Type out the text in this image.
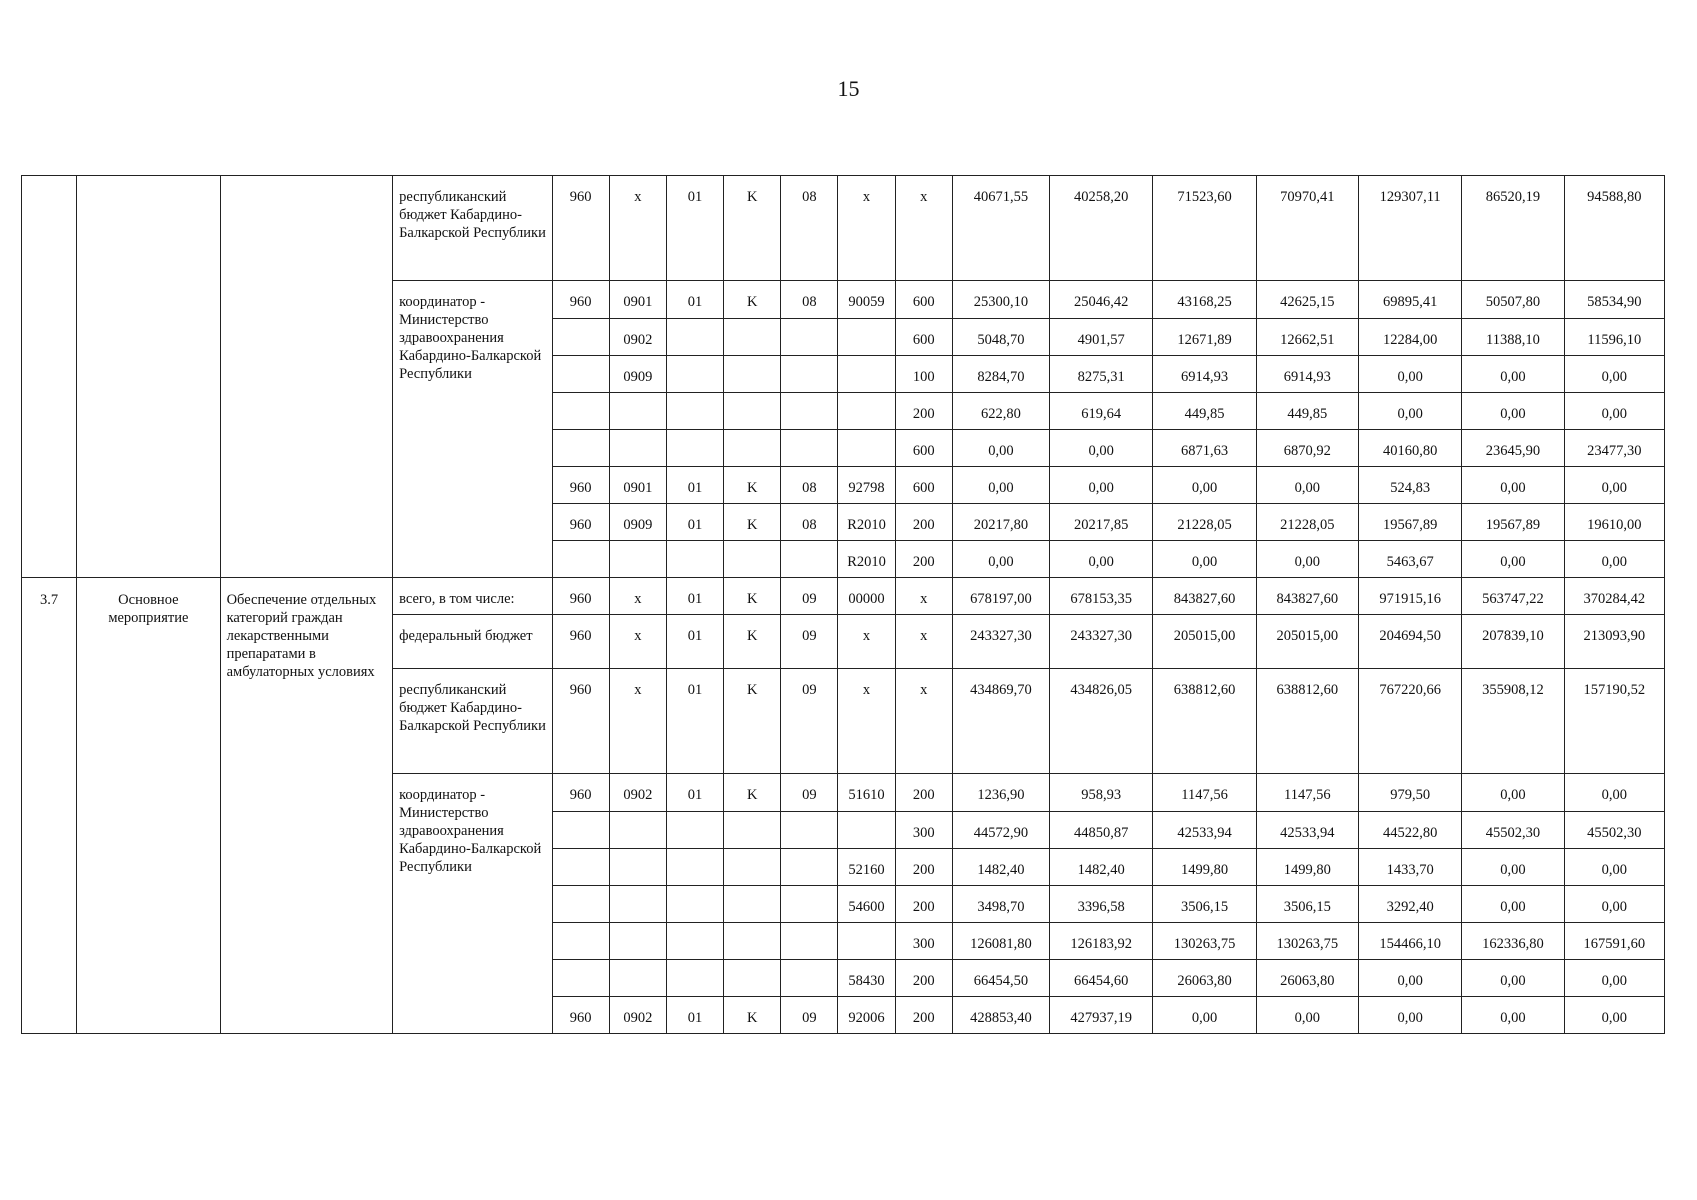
15
			республиканский бюджет Кабардино-Балкарской Республики	960	x	01	K	08	x	x	40671,55	40258,20	71523,60	70970,41	129307,11	86520,19	94588,80
			координатор - Министерство здравоохранения Кабардино-Балкарской Республики	960	0901	01	K	08	90059	600	25300,10	25046,42	43168,25	42625,15	69895,41	50507,80	58534,90
					0902					600	5048,70	4901,57	12671,89	12662,51	12284,00	11388,10	11596,10
					0909					100	8284,70	8275,31	6914,93	6914,93	0,00	0,00	0,00
										200	622,80	619,64	449,85	449,85	0,00	0,00	0,00
										600	0,00	0,00	6871,63	6870,92	40160,80	23645,90	23477,30
				960	0901	01	K	08	92798	600	0,00	0,00	0,00	0,00	524,83	0,00	0,00
				960	0909	01	K	08	R2010	200	20217,80	20217,85	21228,05	21228,05	19567,89	19567,89	19610,00
									R2010	200	0,00	0,00	0,00	0,00	5463,67	0,00	0,00
3.7	Основное мероприятие	Обеспечение отдельных категорий граждан лекарственными препаратами в амбулаторных условиях	всего, в том числе:	960	x	01	K	09	00000	x	678197,00	678153,35	843827,60	843827,60	971915,16	563747,22	370284,42
			федеральный бюджет	960	x	01	K	09	x	x	243327,30	243327,30	205015,00	205015,00	204694,50	207839,10	213093,90
			республиканский бюджет Кабардино-Балкарской Республики	960	x	01	K	09	x	x	434869,70	434826,05	638812,60	638812,60	767220,66	355908,12	157190,52
			координатор - Министерство здравоохранения Кабардино-Балкарской Республики	960	0902	01	K	09	51610	200	1236,90	958,93	1147,56	1147,56	979,50	0,00	0,00
										300	44572,90	44850,87	42533,94	42533,94	44522,80	45502,30	45502,30
									52160	200	1482,40	1482,40	1499,80	1499,80	1433,70	0,00	0,00
									54600	200	3498,70	3396,58	3506,15	3506,15	3292,40	0,00	0,00
										300	126081,80	126183,92	130263,75	130263,75	154466,10	162336,80	167591,60
									58430	200	66454,50	66454,60	26063,80	26063,80	0,00	0,00	0,00
				960	0902	01	K	09	92006	200	428853,40	427937,19	0,00	0,00	0,00	0,00	0,00
